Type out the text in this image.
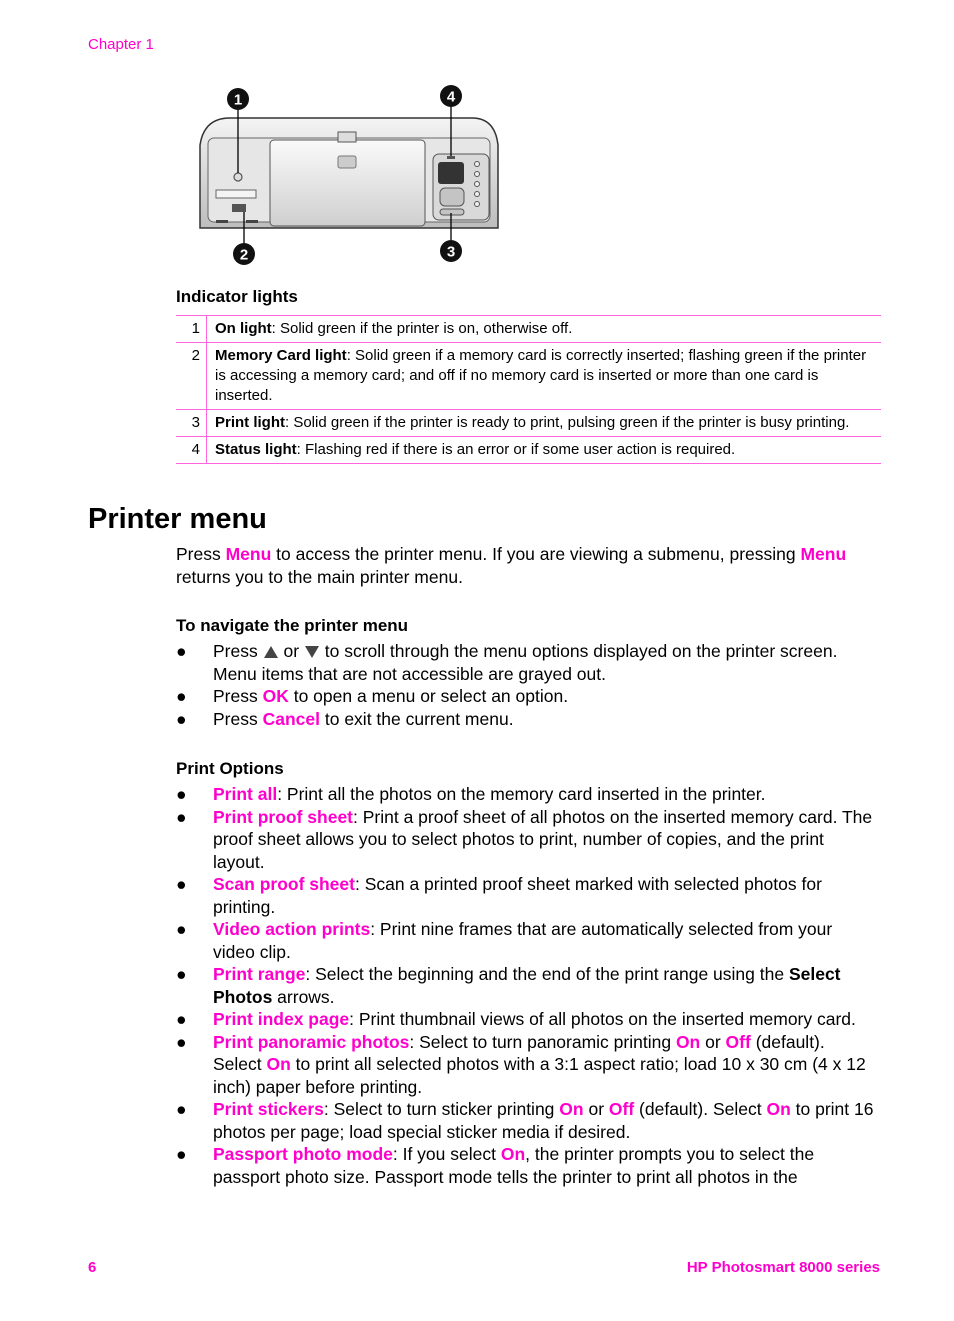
Chapter 1
1	4
2	3
Indicator lights
1	On light: Solid green if the printer is on, otherwise off.
2	Memory Card light: Solid green if a memory card is correctly inserted; flashing green if the printer is accessing a memory card; and off if no memory card is inserted or more than one card is inserted.
3	Print light: Solid green if the printer is ready to print, pulsing green if the printer is busy printing.
4	Status light: Flashing red if there is an error or if some user action is required.
Printer menu
Press Menu to access the printer menu. If you are viewing a submenu, pressing Menu returns you to the main printer menu.
To navigate the printer menu
● Press  or  to scroll through the menu options displayed on the printer screen. Menu items that are not accessible are grayed out.
● Press OK to open a menu or select an option.
● Press Cancel to exit the current menu.
Print Options
● Print all: Print all the photos on the memory card inserted in the printer.
● Print proof sheet: Print a proof sheet of all photos on the inserted memory card. The proof sheet allows you to select photos to print, number of copies, and the print layout.
● Scan proof sheet: Scan a printed proof sheet marked with selected photos for printing.
● Video action prints: Print nine frames that are automatically selected from your video clip.
● Print range: Select the beginning and the end of the print range using the Select Photos arrows.
● Print index page: Print thumbnail views of all photos on the inserted memory card.
● Print panoramic photos: Select to turn panoramic printing On or Off (default). Select On to print all selected photos with a 3:1 aspect ratio; load 10 x 30 cm (4 x 12 inch) paper before printing.
● Print stickers: Select to turn sticker printing On or Off (default). Select On to print 16 photos per page; load special sticker media if desired.
● Passport photo mode: If you select On, the printer prompts you to select the passport photo size. Passport mode tells the printer to print all photos in the
6	HP Photosmart 8000 series
